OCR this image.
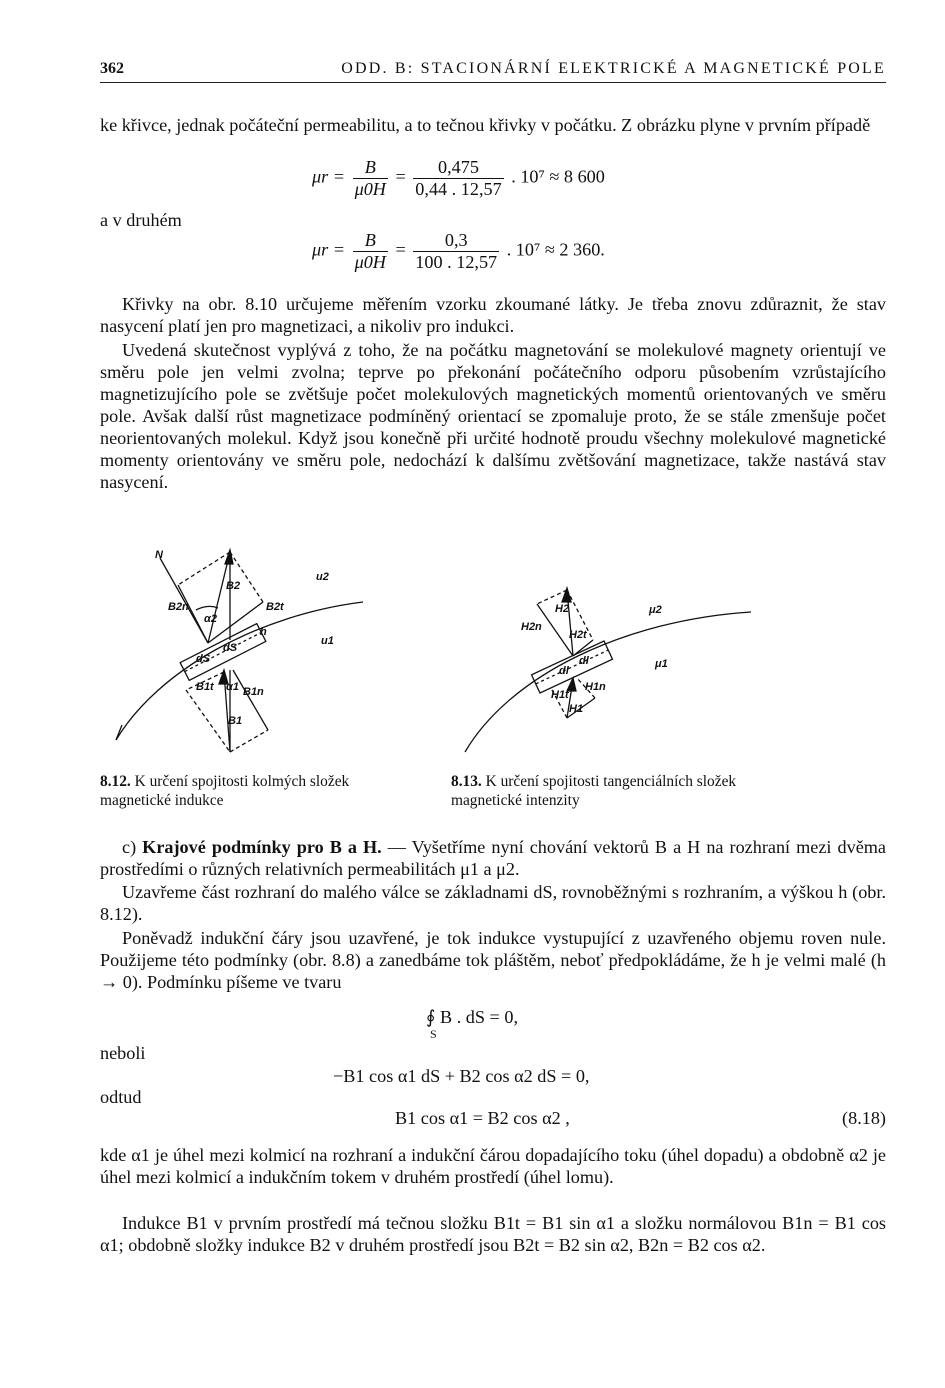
362	ODD. B: STACIONÁRNÍ ELEKTRICKÉ A MAGNETICKÉ POLE
ke křivce, jednak počáteční permeabilitu, a to tečnou křivky v počátku. Z obrázku plyne v prvním případě
$\mu r = \frac{B}{\mu 0H} = \frac{0,475}{0,44 . 12,57}$ . 10⁷ ≈ 8 600
a v druhém
$\mu r = \frac{B}{\mu 0H} = \frac{0,3}{100 . 12,57}$ . 10⁷ ≈ 2 360.
Křivky na obr. 8.10 určujeme měřením vzorku zkoumané látky. Je třeba znovu zdůraznit, že stav nasycení platí jen pro magnetizaci, a nikoliv pro indukci.
Uvedená skutečnost vyplývá z toho, že na počátku magnetování se molekulové magnety orientují ve směru pole jen velmi zvolna; teprve po překonání počátečního odporu působením vzrůstajícího magnetizujícího pole se zvětšuje počet molekulových magnetických momentů orientovaných ve směru pole. Avšak další růst magnetizace podmíněný orientací se zpomaluje proto, že se stále zmenšuje počet neorientovaných molekul. Když jsou konečně při určité hodnotě proudu všechny molekulové magnetické momenty orientovány ve směru pole, nedochází k dalšímu zvětšování magnetizace, takže nastává stav nasycení.
N
B2
u2
B2n	B2t
α2
h
u1
dS
dS
B1t α1 B1n
B1
H2	μ2
H2n
H2t
dl
dl	μ1
H1t
H1n
H1
8.12. K určení spojitosti kolmých složek magnetické indukce
8.13. K určení spojitosti tangenciálních složek magnetické intenzity
c) Krajové podmínky pro B a H. — Vyšetříme nyní chování vektorů B a H na rozhraní mezi dvěma prostředími o různých relativních permeabilitách μ1 a μ2.
Uzavřeme část rozhraní do malého válce se základnami dS, rovnoběžnými s rozhraním, a výškou h (obr. 8.12).
Poněvadž indukční čáry jsou uzavřené, je tok indukce vystupující z uzavřeného objemu roven nule. Použijeme této podmínky (obr. 8.8) a zanedbáme tok pláštěm, neboť předpokládáme, že h je velmi malé (h → 0). Podmínku píšeme ve tvaru
∮ B . dS = 0,
S
neboli
−B1 cos α1 dS + B2 cos α2 dS = 0,
odtud
B1 cos α1 = B2 cos α2 ,	(8.18)
kde α1 je úhel mezi kolmicí na rozhraní a indukční čárou dopadajícího toku (úhel dopadu) a obdobně α2 je úhel mezi kolmicí a indukčním tokem v druhém prostředí (úhel lomu).
Indukce B1 v prvním prostředí má tečnou složku B1t = B1 sin α1 a složku normálovou B1n = B1 cos α1; obdobně složky indukce B2 v druhém prostředí jsou B2t = B2 sin α2, B2n = B2 cos α2.
